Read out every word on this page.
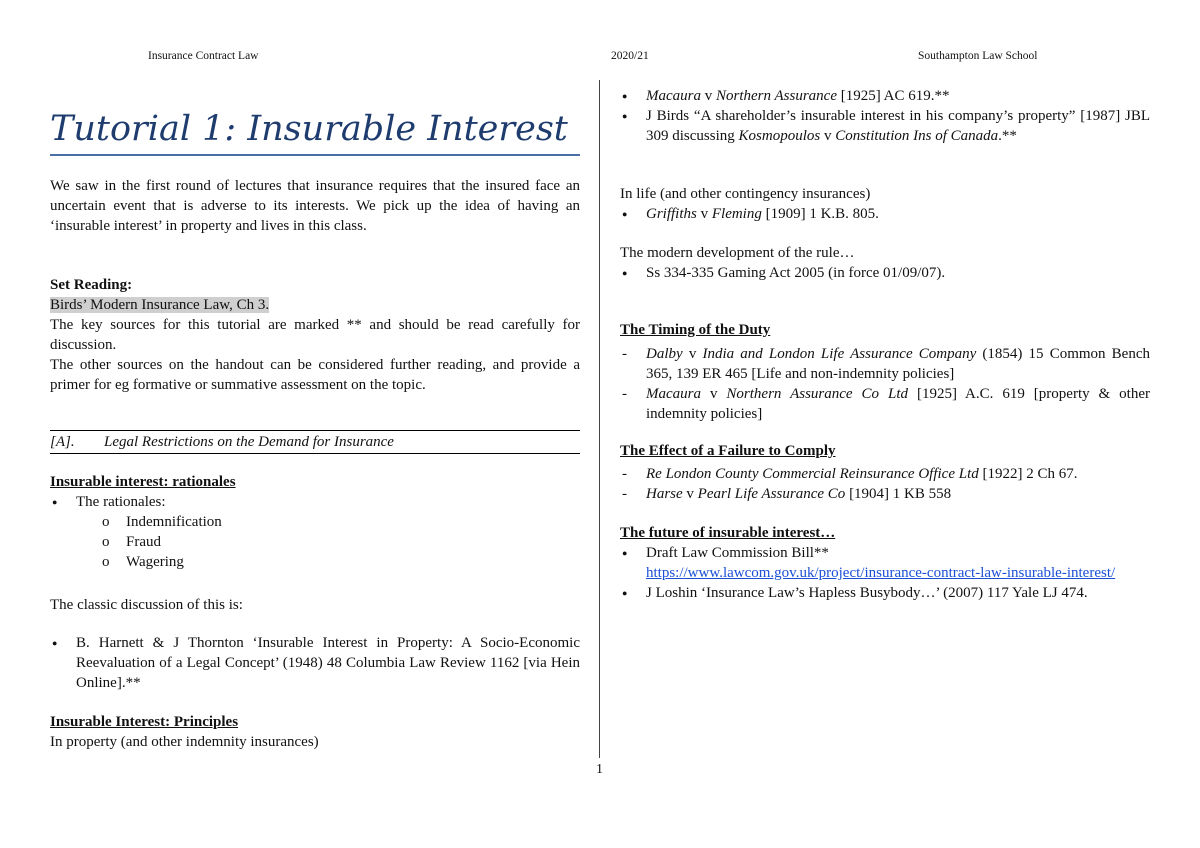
Insurance Contract Law	2020/21	Southampton Law School
Tutorial 1: Insurable Interest
We saw in the first round of lectures that insurance requires that the insured face an uncertain event that is adverse to its interests. We pick up the idea of having an ‘insurable interest’ in property and lives in this class.
Set Reading:
Birds’ Modern Insurance Law, Ch 3.
The key sources for this tutorial are marked ** and should be read carefully for discussion.
The other sources on the handout can be considered further reading, and provide a primer for eg formative or summative assessment on the topic.
[A]. Legal Restrictions on the Demand for Insurance
Insurable interest: rationales
● The rationales:
o Indemnification
o Fraud
o Wagering
The classic discussion of this is:
● B. Harnett & J Thornton ‘Insurable Interest in Property: A Socio-Economic Reevaluation of a Legal Concept’ (1948) 48 Columbia Law Review 1162 [via Hein Online].**
Insurable Interest: Principles
In property (and other indemnity insurances)
● Macaura v Northern Assurance [1925] AC 619.**
● J Birds “A shareholder’s insurable interest in his company’s property” [1987] JBL 309 discussing Kosmopoulos v Constitution Ins of Canada.**
In life (and other contingency insurances)
● Griffiths v Fleming [1909] 1 K.B. 805.
The modern development of the rule…
● Ss 334-335 Gaming Act 2005 (in force 01/09/07).
The Timing of the Duty
- Dalby v India and London Life Assurance Company (1854) 15 Common Bench 365, 139 ER 465 [Life and non-indemnity policies]
- Macaura v Northern Assurance Co Ltd [1925] A.C. 619 [property & other indemnity policies]
The Effect of a Failure to Comply
- Re London County Commercial Reinsurance Office Ltd [1922] 2 Ch 67.
- Harse v Pearl Life Assurance Co [1904] 1 KB 558
The future of insurable interest…
● Draft Law Commission Bill**
https://www.lawcom.gov.uk/project/insurance-contract-law-insurable-interest/
● J Loshin ‘Insurance Law’s Hapless Busybody…’ (2007) 117 Yale LJ 474.
1
